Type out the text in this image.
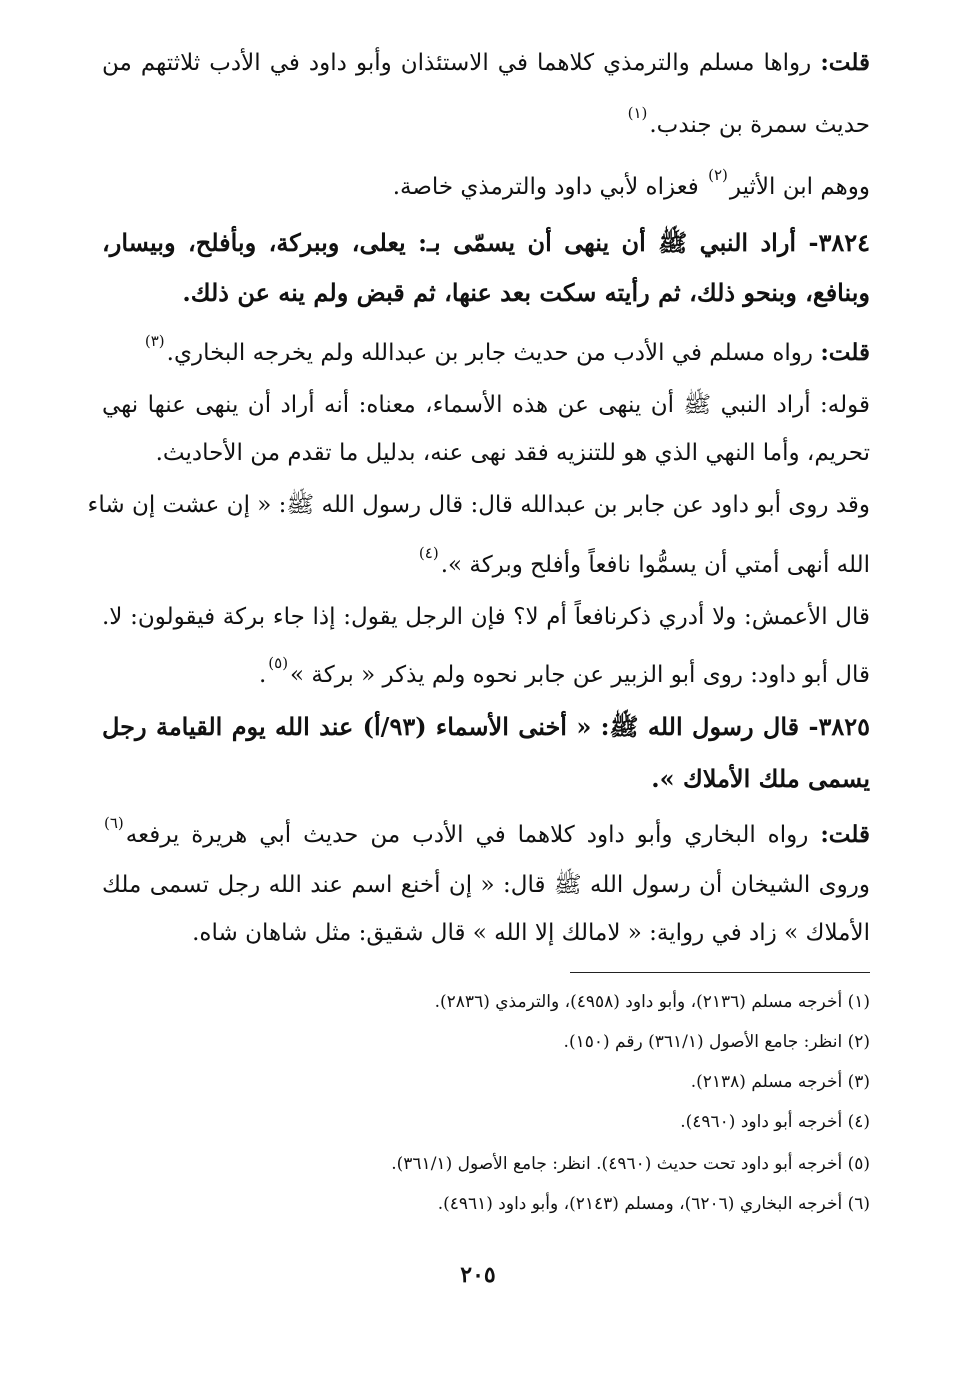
قلت: رواها مسلم والترمذي كلاهما في الاستئذان وأبو داود في الأدب ثلاثتهم من
حديث سمرة بن جندب.$^{(١)}$
ووهم ابن الأثير$^{(٢)}$ فعزاه لأبي داود والترمذي خاصة.
٣٨٢٤- أراد النبي ﷺ أن ينهى أن يسمّى بـ: يعلى، وببركة، وبأفلح، وبيسار،
وبنافع، وبنحو ذلك، ثم رأيته سكت بعد عنها، ثم قبض ولم ينه عن ذلك.
قلت: رواه مسلم في الأدب من حديث جابر بن عبدالله ولم يخرجه البخاري.$^{(٣)}$
قوله: أراد النبي ﷺ أن ينهى عن هذه الأسماء، معناه: أنه أراد أن ينهى عنها نهي
تحريم، وأما النهي الذي هو للتنزيه فقد نهى عنه، بدليل ما تقدم من الأحاديث.
وقد روى أبو داود عن جابر بن عبدالله قال: قال رسول الله ﷺ: « إن عشت إن شاء
الله أنهى أمتي أن يسمُّوا نافعاً وأفلح وبركة ».$^{(٤)}$
قال الأعمش: ولا أدري ذكرنافعاً أم لا؟ فإن الرجل يقول: إذا جاء بركة فيقولون: لا.
قال أبو داود: روى أبو الزبير عن جابر نحوه ولم يذكر « بركة »$^{(٥)}$.
٣٨٢٥- قال رسول الله ﷺ: « أخنى الأسماء (٩٣/أ) عند الله يوم القيامة رجل
يسمى ملك الأملاك ».
قلت: رواه البخاري وأبو داود كلاهما في الأدب من حديث أبي هريرة يرفعه$^{(٦)}$
وروى الشيخان أن رسول الله ﷺ قال: « إن أخنع اسم عند الله رجل تسمى ملك
الأملاك » زاد في رواية: « لامالك إلا الله » قال شقيق: مثل شاهان شاه.
(١) أخرجه مسلم (٢١٣٦)، وأبو داود (٤٩٥٨)، والترمذي (٢٨٣٦).
(٢) انظر: جامع الأصول (٣٦١/١) رقم (١٥٠).
(٣) أخرجه مسلم (٢١٣٨).
(٤) أخرجه أبو داود (٤٩٦٠).
(٥) أخرجه أبو داود تحت حديث (٤٩٦٠). انظر: جامع الأصول (٣٦١/١).
(٦) أخرجه البخاري (٦٢٠٦)، ومسلم (٢١٤٣)، وأبو داود (٤٩٦١).
٢٠٥
